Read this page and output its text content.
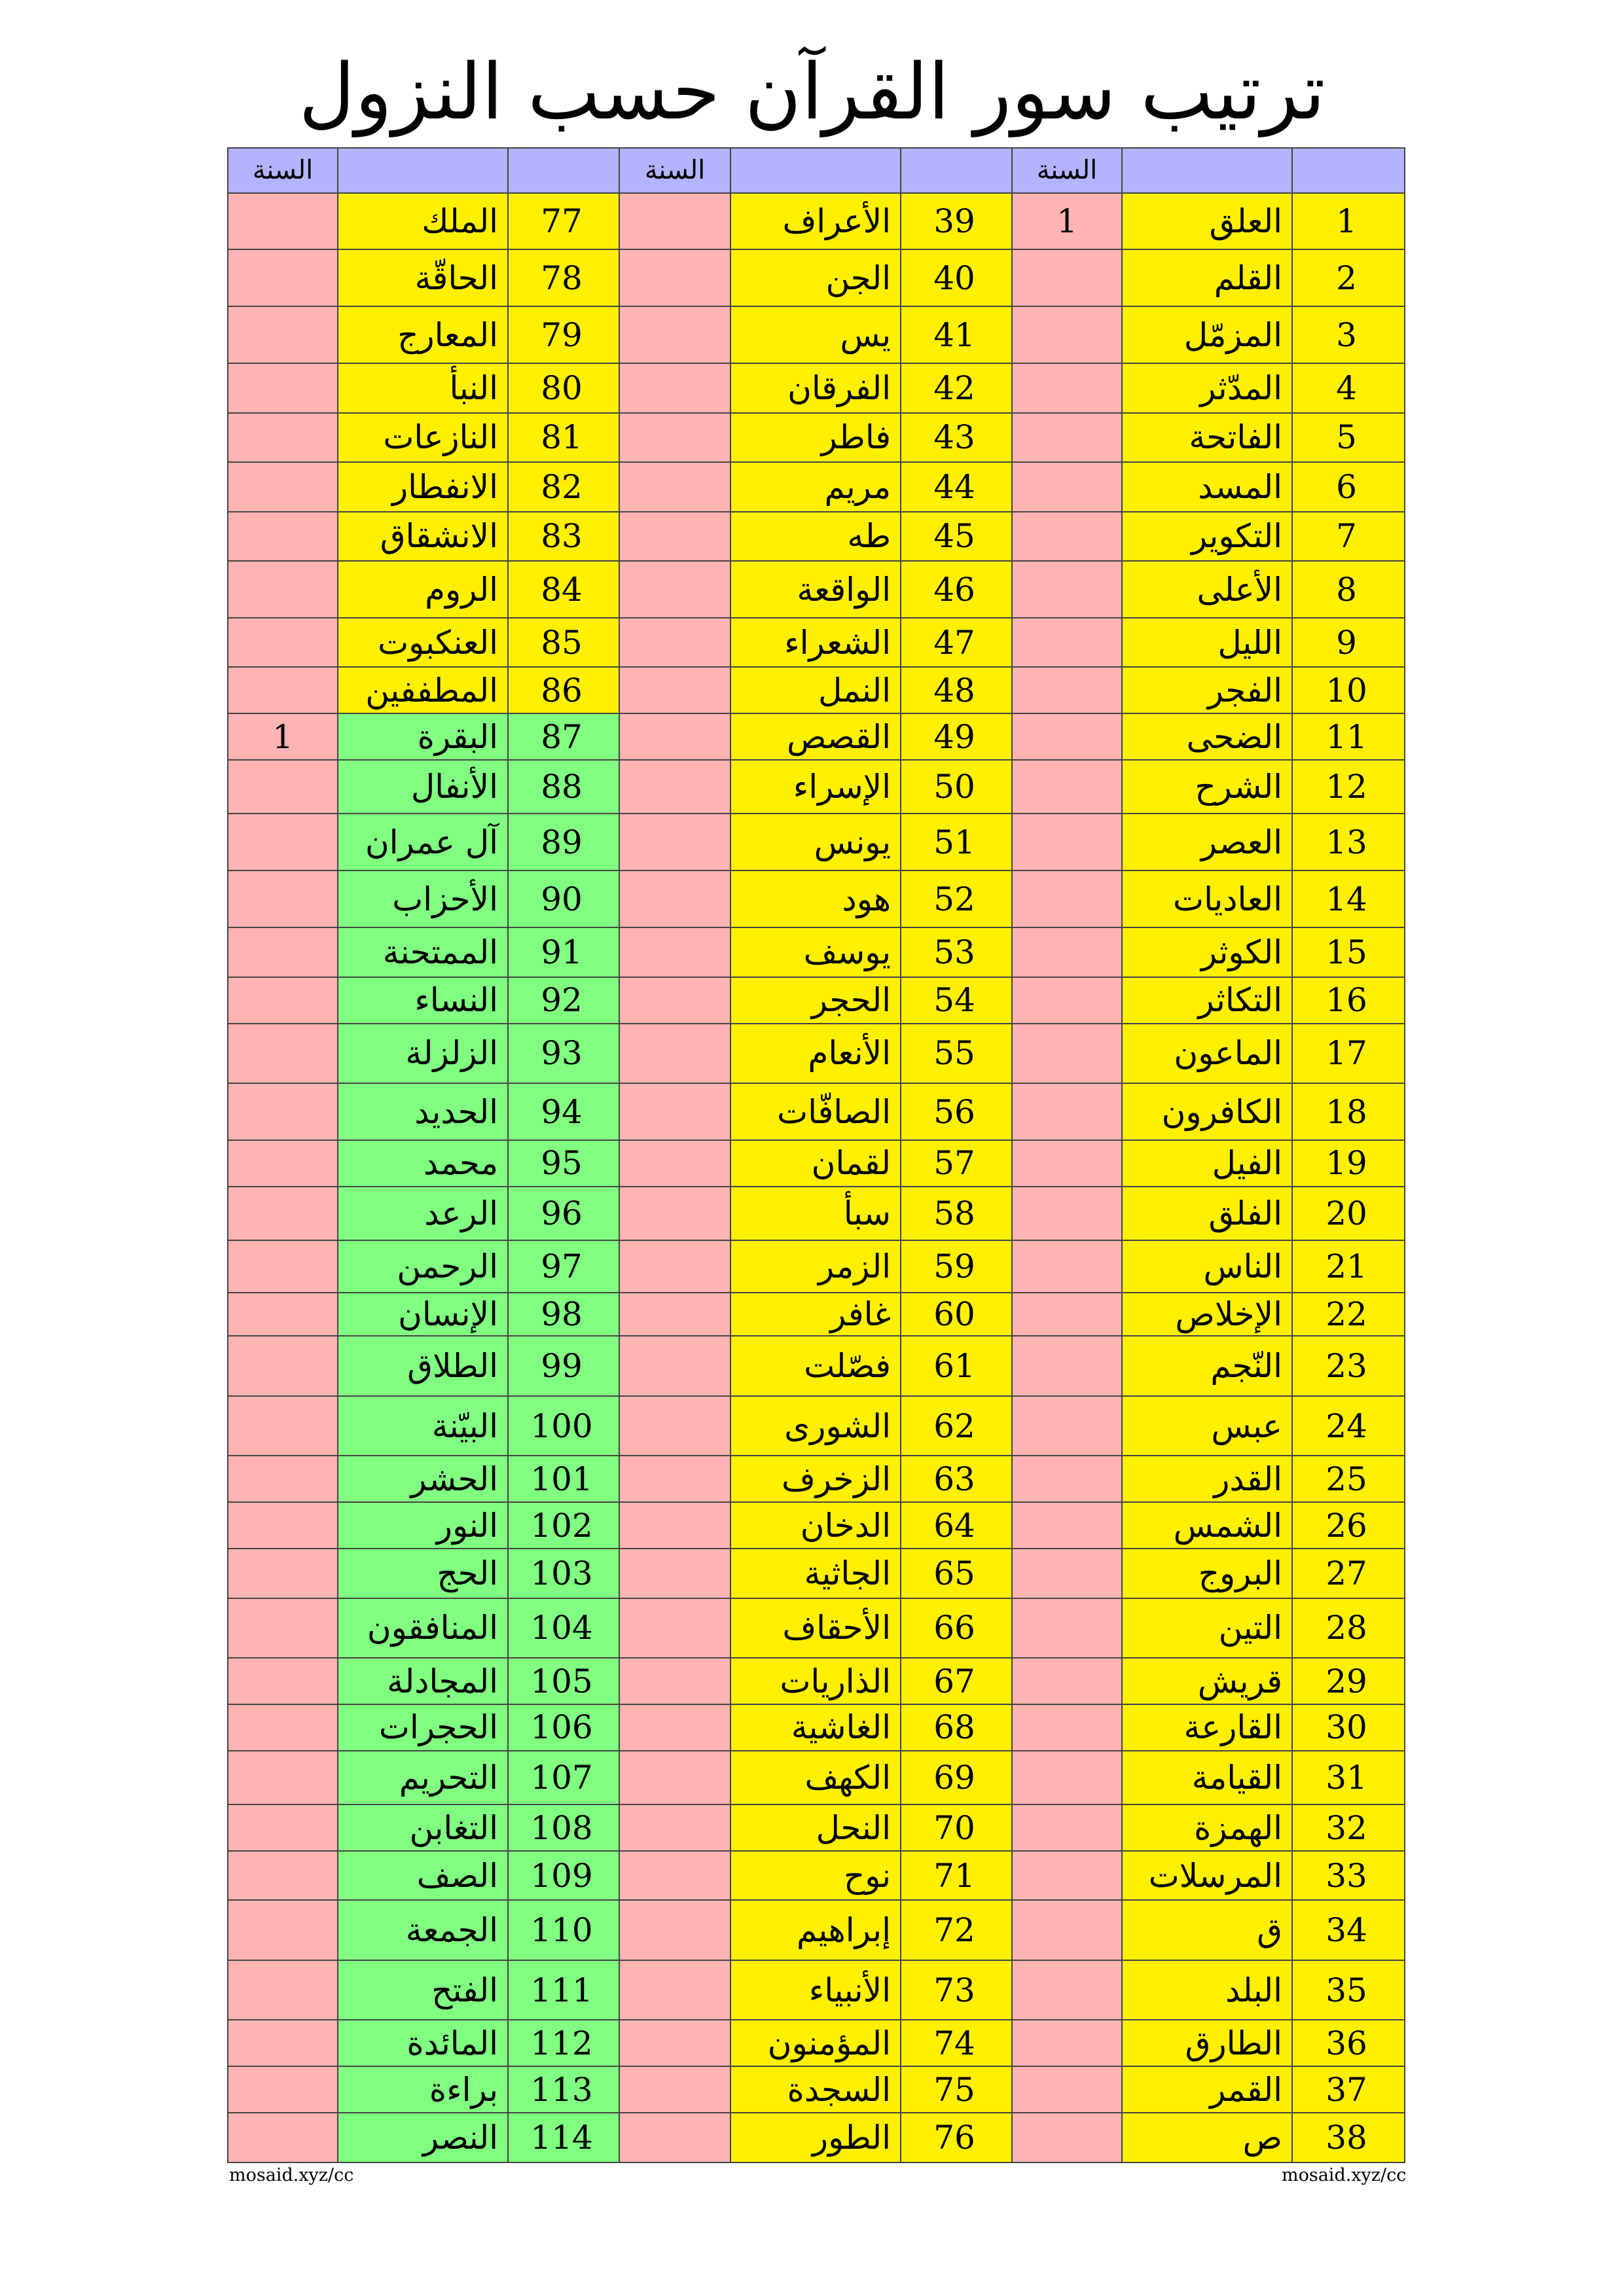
ترتيب سور القرآن حسب النزول
		السنة			السنة			السنة
1	العلق	1	39	الأعراف		77	الملك	
2	القلم		40	الجن		78	الحاقّة	
3	المزمّل		41	يس		79	المعارج	
4	المدّثر		42	الفرقان		80	النبأ	
5	الفاتحة		43	فاطر		81	النازعات	
6	المسد		44	مريم		82	الانفطار	
7	التكوير		45	طه		83	الانشقاق	
8	الأعلى		46	الواقعة		84	الروم	
9	الليل		47	الشعراء		85	العنكبوت	
10	الفجر		48	النمل		86	المطففين	
11	الضحى		49	القصص		87	البقرة	1
12	الشرح		50	الإسراء		88	الأنفال	
13	العصر		51	يونس		89	آل عمران	
14	العاديات		52	هود		90	الأحزاب	
15	الكوثر		53	يوسف		91	الممتحنة	
16	التكاثر		54	الحجر		92	النساء	
17	الماعون		55	الأنعام		93	الزلزلة	
18	الكافرون		56	الصافّات		94	الحديد	
19	الفيل		57	لقمان		95	محمد	
20	الفلق		58	سبأ		96	الرعد	
21	الناس		59	الزمر		97	الرحمن	
22	الإخلاص		60	غافر		98	الإنسان	
23	النّجم		61	فصّلت		99	الطلاق	
24	عبس		62	الشورى		100	البيّنة	
25	القدر		63	الزخرف		101	الحشر	
26	الشمس		64	الدخان		102	النور	
27	البروج		65	الجاثية		103	الحج	
28	التين		66	الأحقاف		104	المنافقون	
29	قريش		67	الذاريات		105	المجادلة	
30	القارعة		68	الغاشية		106	الحجرات	
31	القيامة		69	الكهف		107	التحريم	
32	الهمزة		70	النحل		108	التغابن	
33	المرسلات		71	نوح		109	الصف	
34	ق		72	إبراهيم		110	الجمعة	
35	البلد		73	الأنبياء		111	الفتح	
36	الطارق		74	المؤمنون		112	المائدة	
37	القمر		75	السجدة		113	براءة	
38	ص		76	الطور		114	النصر	
mosaid.xyz/cc	mosaid.xyz/cc
